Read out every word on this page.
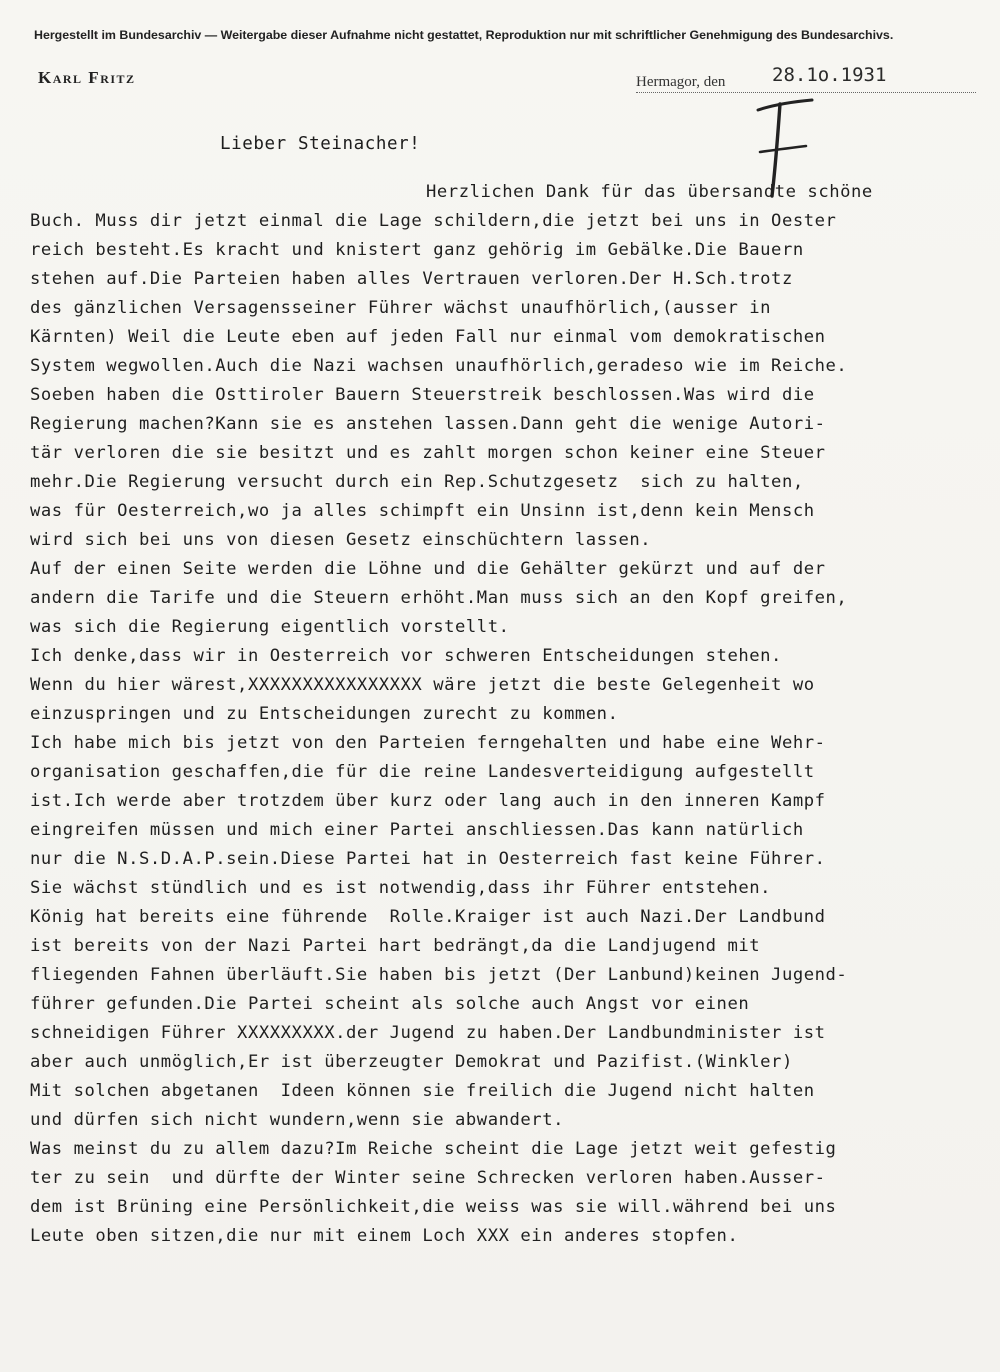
Hergestellt im Bundesarchiv — Weitergabe dieser Aufnahme nicht gestattet, Reproduktion nur mit schriftlicher Genehmigung des Bundesarchivs.
Karl Fritz	Hermagor, den 28.1o.1931
Lieber Steinacher!
Herzlichen Dank für das übersandte schöne
Buch. Muss dir jetzt einmal die Lage schildern,die jetzt bei uns in Oester
reich besteht.Es kracht und knistert ganz gehörig im Gebälke.Die Bauern
stehen auf.Die Parteien haben alles Vertrauen verloren.Der H.Sch.trotz
des gänzlichen Versagensseiner Führer wächst unaufhörlich,(ausser in
Kärnten) Weil die Leute eben auf jeden Fall nur einmal vom demokratischen
System wegwollen.Auch die Nazi wachsen unaufhörlich,geradeso wie im Reiche.
Soeben haben die Osttiroler Bauern Steuerstreik beschlossen.Was wird die
Regierung machen?Kann sie es anstehen lassen.Dann geht die wenige Autori-
tär verloren die sie besitzt und es zahlt morgen schon keiner eine Steuer
mehr.Die Regierung versucht durch ein Rep.Schutzgesetz  sich zu halten,
was für Oesterreich,wo ja alles schimpft ein Unsinn ist,denn kein Mensch
wird sich bei uns von diesen Gesetz einschüchtern lassen.
Auf der einen Seite werden die Löhne und die Gehälter gekürzt und auf der
andern die Tarife und die Steuern erhöht.Man muss sich an den Kopf greifen,
was sich die Regierung eigentlich vorstellt.
Ich denke,dass wir in Oesterreich vor schweren Entscheidungen stehen.
Wenn du hier wärest,XXXXXXXXXXXXXXXX wäre jetzt die beste Gelegenheit wo
einzuspringen und zu Entscheidungen zurecht zu kommen.
Ich habe mich bis jetzt von den Parteien ferngehalten und habe eine Wehr-
organisation geschaffen,die für die reine Landesverteidigung aufgestellt
ist.Ich werde aber trotzdem über kurz oder lang auch in den inneren Kampf
eingreifen müssen und mich einer Partei anschliessen.Das kann natürlich
nur die N.S.D.A.P.sein.Diese Partei hat in Oesterreich fast keine Führer.
Sie wächst stündlich und es ist notwendig,dass ihr Führer entstehen.
König hat bereits eine führende  Rolle.Kraiger ist auch Nazi.Der Landbund
ist bereits von der Nazi Partei hart bedrängt,da die Landjugend mit
fliegenden Fahnen überläuft.Sie haben bis jetzt (Der Lanbund)keinen Jugend-
führer gefunden.Die Partei scheint als solche auch Angst vor einen
schneidigen Führer XXXXXXXXX.der Jugend zu haben.Der Landbundminister ist
aber auch unmöglich,Er ist überzeugter Demokrat und Pazifist.(Winkler)
Mit solchen abgetanen  Ideen können sie freilich die Jugend nicht halten
und dürfen sich nicht wundern,wenn sie abwandert.
Was meinst du zu allem dazu?Im Reiche scheint die Lage jetzt weit gefestig
ter zu sein  und dürfte der Winter seine Schrecken verloren haben.Ausser-
dem ist Brüning eine Persönlichkeit,die weiss was sie will.während bei uns
Leute oben sitzen,die nur mit einem Loch XXX ein anderes stopfen.
